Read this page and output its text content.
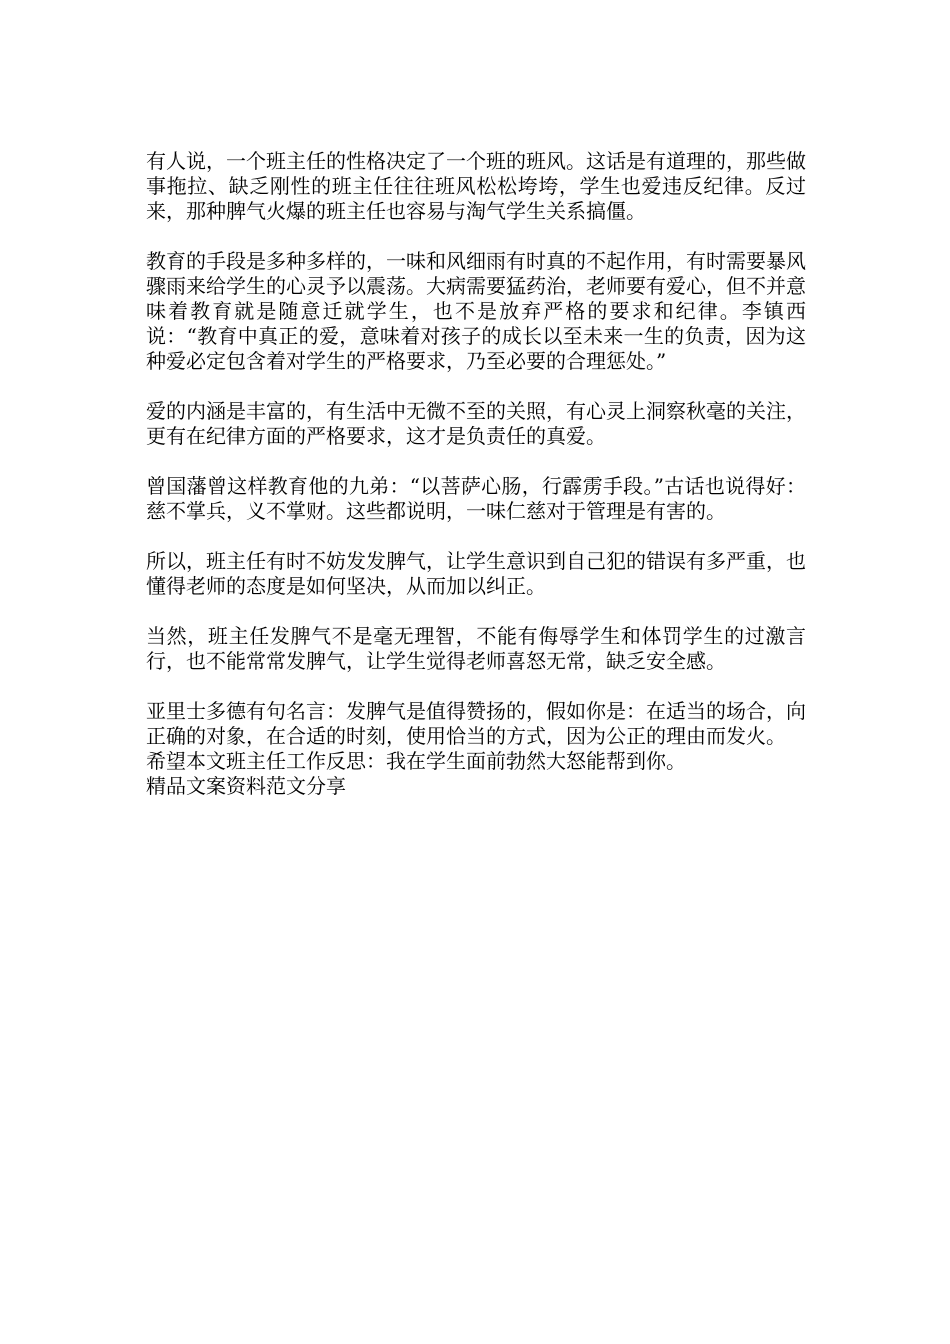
有人说，一个班主任的性格决定了一个班的班风。这话是有道理的，那些做事拖拉、缺乏刚性的班主任往往班风松松垮垮，学生也爱违反纪律。反过来，那种脾气火爆的班主任也容易与淘气学生关系搞僵。

教育的手段是多种多样的，一味和风细雨有时真的不起作用，有时需要暴风骤雨来给学生的心灵予以震荡。大病需要猛药治，老师要有爱心，但不并意味着教育就是随意迁就学生，也不是放弃严格的要求和纪律。李镇西说：“教育中真正的爱，意味着对孩子的成长以至未来一生的负责，因为这种爱必定包含着对学生的严格要求，乃至必要的合理惩处。”

爱的内涵是丰富的，有生活中无微不至的关照，有心灵上洞察秋毫的关注，更有在纪律方面的严格要求，这才是负责任的真爱。

曾国藩曾这样教育他的九弟：“以菩萨心肠，行霹雳手段。”古话也说得好：慈不掌兵，义不掌财。这些都说明，一味仁慈对于管理是有害的。

所以，班主任有时不妨发发脾气，让学生意识到自己犯的错误有多严重，也懂得老师的态度是如何坚决，从而加以纠正。

当然，班主任发脾气不是毫无理智，不能有侮辱学生和体罚学生的过激言行，也不能常常发脾气，让学生觉得老师喜怒无常，缺乏安全感。

亚里士多德有句名言：发脾气是值得赞扬的，假如你是：在适当的场合，向正确的对象，在合适的时刻，使用恰当的方式，因为公正的理由而发火。

希望本文班主任工作反思：我在学生面前勃然大怒能帮到你。

精品文案资料范文分享
